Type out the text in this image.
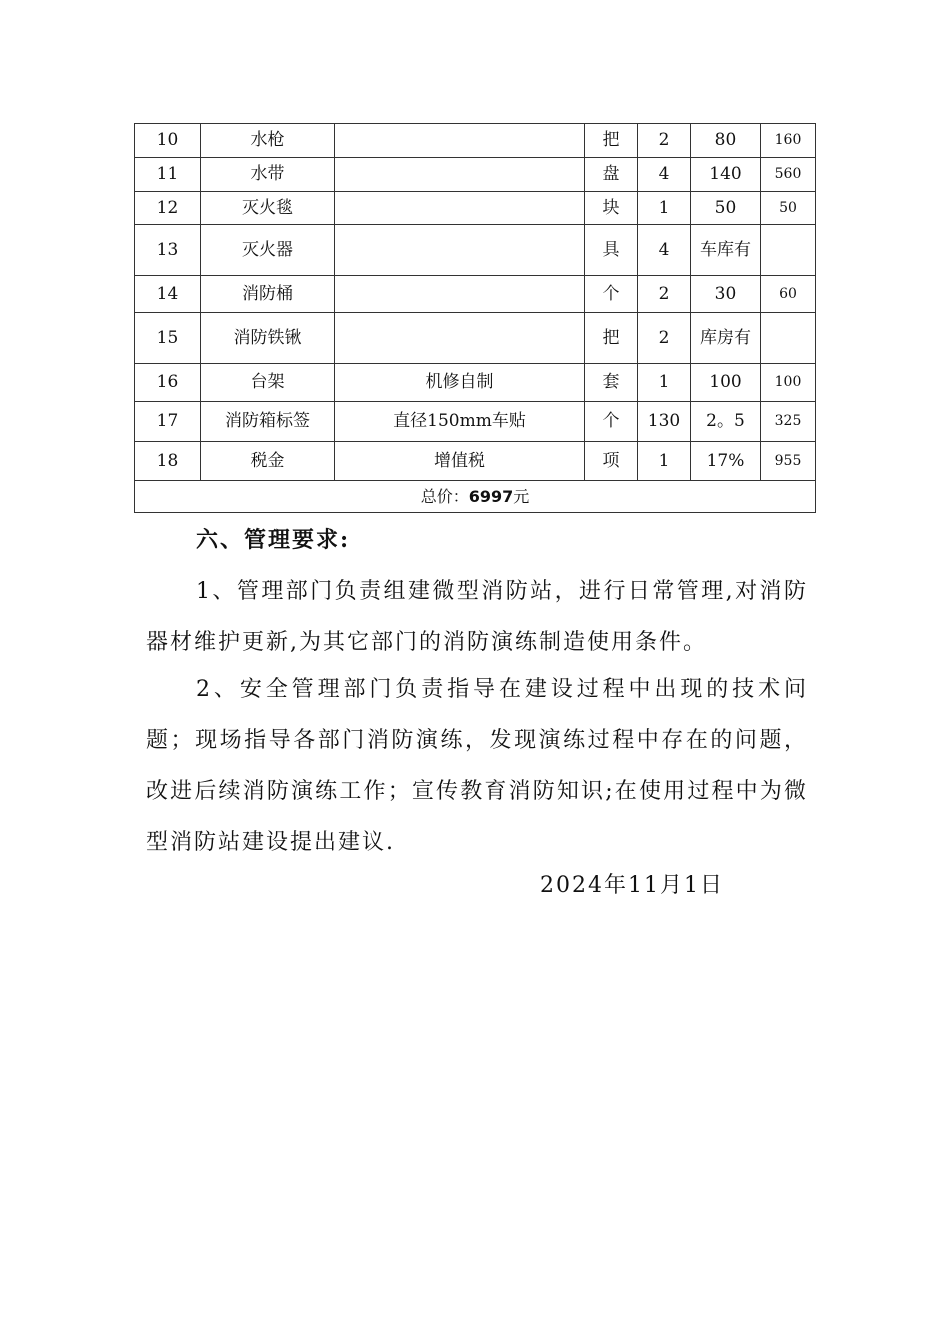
10	水枪		把	2	80	160
11	水带		盘	4	140	560
12	灭火毯		块	1	50	50
13	灭火器		具	4	车库有	
14	消防桶		个	2	30	60
15	消防铁锹		把	2	库房有	
16	台架	机修自制	套	1	100	100
17	消防箱标签	直径150mm车贴	个	130	2。5	325
18	税金	增值税	项	1	17%	955
总价：6997元						
六、管理要求:

1、管理部门负责组建微型消防站，进行日常管理,对消防器材维护更新,为其它部门的消防演练制造使用条件。

2、安全管理部门负责指导在建设过程中出现的技术问题；现场指导各部门消防演练，发现演练过程中存在的问题，改进后续消防演练工作；宣传教育消防知识;在使用过程中为微型消防站建设提出建议.

2024年11月1日
